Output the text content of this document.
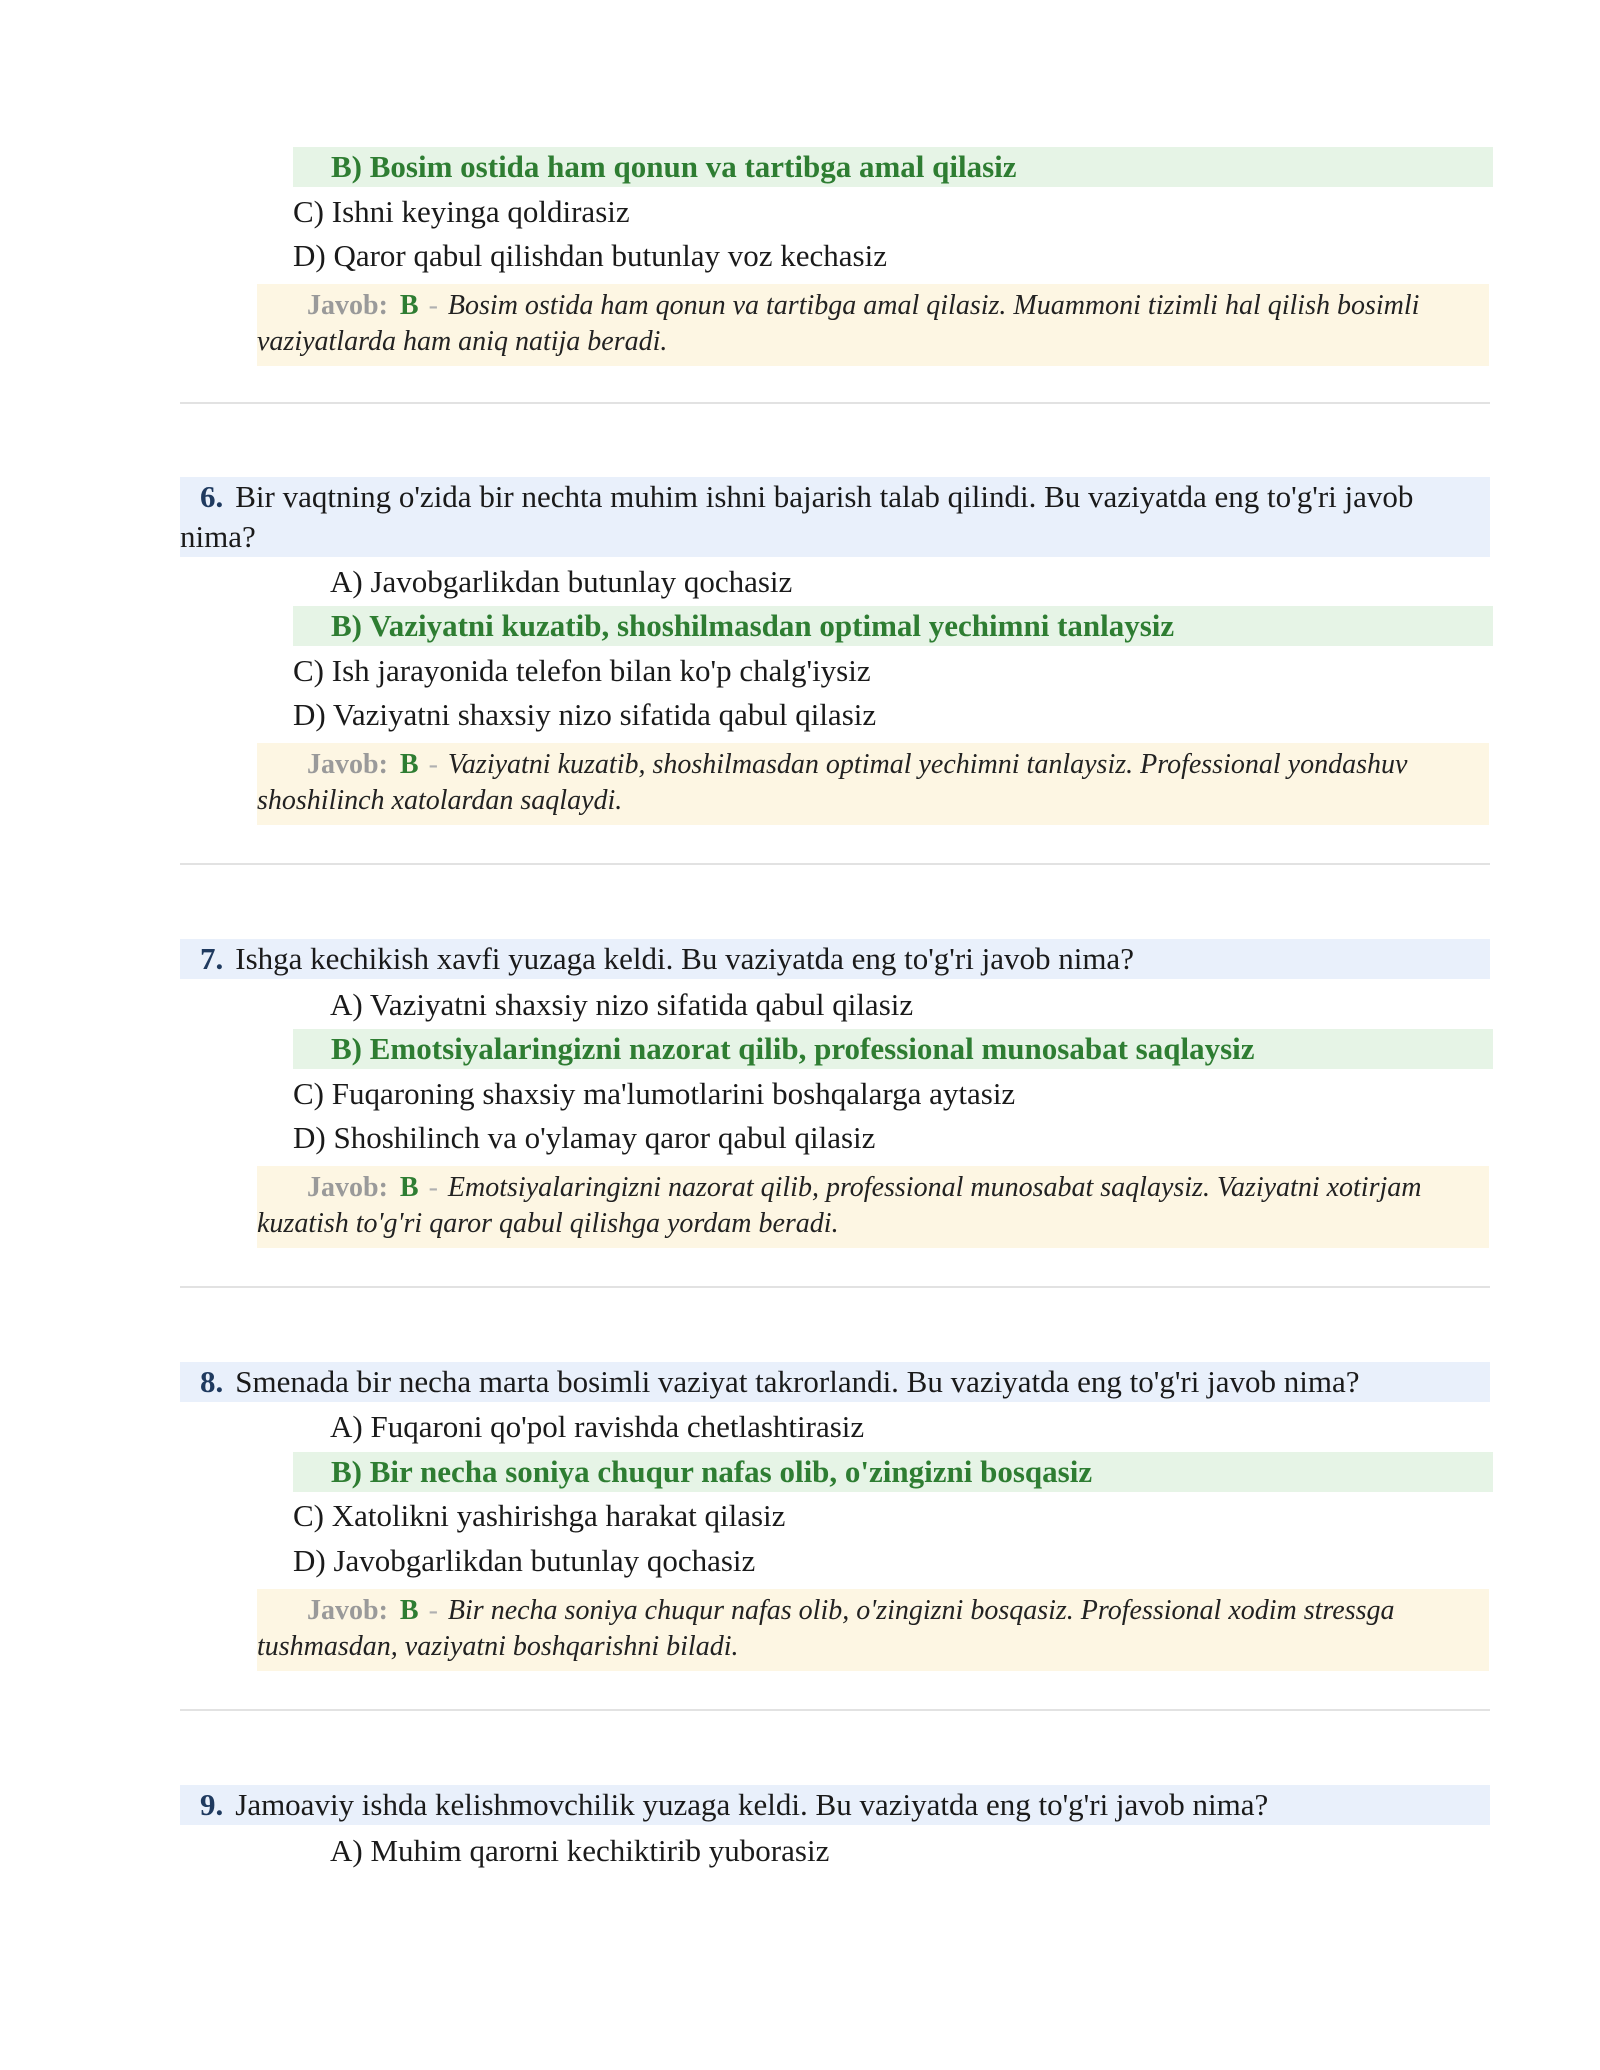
B) Bosim ostida ham qonun va tartibga amal qilasiz
C) Ishni keyinga qoldirasiz
D) Qaror qabul qilishdan butunlay voz kechasiz
Javob: B - Bosim ostida ham qonun va tartibga amal qilasiz. Muammoni tizimli hal qilish bosimli vaziyatlarda ham aniq natija beradi.
6. Bir vaqtning o'zida bir nechta muhim ishni bajarish talab qilindi. Bu vaziyatda eng to'g'ri javob nima?
A) Javobgarlikdan butunlay qochasiz
B) Vaziyatni kuzatib, shoshilmasdan optimal yechimni tanlaysiz
C) Ish jarayonida telefon bilan ko'p chalg'iysiz
D) Vaziyatni shaxsiy nizo sifatida qabul qilasiz
Javob: B - Vaziyatni kuzatib, shoshilmasdan optimal yechimni tanlaysiz. Professional yondashuv shoshilinch xatolardan saqlaydi.
7. Ishga kechikish xavfi yuzaga keldi. Bu vaziyatda eng to'g'ri javob nima?
A) Vaziyatni shaxsiy nizo sifatida qabul qilasiz
B) Emotsiyalaringizni nazorat qilib, professional munosabat saqlaysiz
C) Fuqaroning shaxsiy ma'lumotlarini boshqalarga aytasiz
D) Shoshilinch va o'ylamay qaror qabul qilasiz
Javob: B - Emotsiyalaringizni nazorat qilib, professional munosabat saqlaysiz. Vaziyatni xotirjam kuzatish to'g'ri qaror qabul qilishga yordam beradi.
8. Smenada bir necha marta bosimli vaziyat takrorlandi. Bu vaziyatda eng to'g'ri javob nima?
A) Fuqaroni qo'pol ravishda chetlashtirasiz
B) Bir necha soniya chuqur nafas olib, o'zingizni bosqasiz
C) Xatolikni yashirishga harakat qilasiz
D) Javobgarlikdan butunlay qochasiz
Javob: B - Bir necha soniya chuqur nafas olib, o'zingizni bosqasiz. Professional xodim stressga tushmasdan, vaziyatni boshqarishni biladi.
9. Jamoaviy ishda kelishmovchilik yuzaga keldi. Bu vaziyatda eng to'g'ri javob nima?
A) Muhim qarorni kechiktirib yuborasiz
